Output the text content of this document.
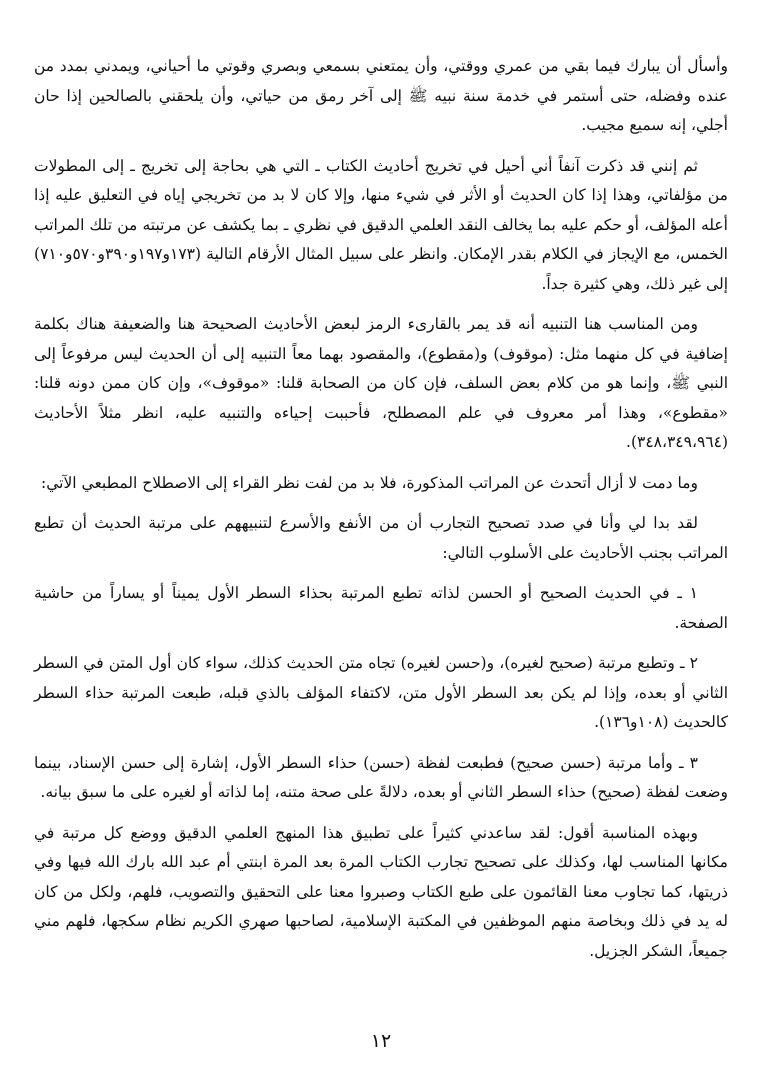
وأسأل أن يبارك فيما بقي من عمري ووقتي، وأن يمتعني بسمعي وبصري وقوتي ما أحياني، ويمدني بمدد من عنده وفضله، حتى أستمر في خدمة سنة نبيه ﷺ إلى آخر رمق من حياتي، وأن يلحقني بالصالحين إذا حان أجلي، إنه سميع مجيب.

ثم إنني قد ذكرت آنفاً أني أحيل في تخريج أحاديث الكتاب ـ التي هي بحاجة إلى تخريج ـ إلى المطولات من مؤلفاتي، وهذا إذا كان الحديث أو الأثر في شيء منها، وإلا كان لا بد من تخريجي إياه في التعليق عليه إذا أعله المؤلف، أو حكم عليه بما يخالف النقد العلمي الدقيق في نظري ـ بما يكشف عن مرتبته من تلك المراتب الخمس، مع الإيجاز في الكلام بقدر الإمكان. وانظر على سبيل المثال الأرقام التالية (١٧٣و١٩٧و٣٩٠و٥٧٠و٧١٠) إلى غير ذلك، وهي كثيرة جداً.

ومن المناسب هنا التنبيه أنه قد يمر بالقارىء الرمز لبعض الأحاديث الصحيحة هنا والضعيفة هناك بكلمة إضافية في كل منهما مثل: (موقوف) و(مقطوع)، والمقصود بهما معاً التنبيه إلى أن الحديث ليس مرفوعاً إلى النبي ﷺ، وإنما هو من كلام بعض السلف، فإن كان من الصحابة قلنا: «موقوف»، وإن كان ممن دونه قلنا: «مقطوع»، وهذا أمر معروف في علم المصطلح، فأحببت إحياءه والتنبيه عليه، انظر مثلاً الأحاديث (٣٤٨،٣٤٩،٩٦٤).

وما دمت لا أزال أتحدث عن المراتب المذكورة، فلا بد من لفت نظر القراء إلى الاصطلاح المطبعي الآتي:

لقد بدا لي وأنا في صدد تصحيح التجارب أن من الأنفع والأسرع لتنبيههم على مرتبة الحديث أن تطبع المراتب بجنب الأحاديث على الأسلوب التالي:

١ ـ في الحديث الصحيح أو الحسن لذاته تطبع المرتبة بحذاء السطر الأول يميناً أو يساراً من حاشية الصفحة.

٢ ـ وتطبع مرتبة (صحيح لغيره)، و(حسن لغيره) تجاه متن الحديث كذلك، سواء كان أول المتن في السطر الثاني أو بعده، وإذا لم يكن بعد السطر الأول متن، لاكتفاء المؤلف بالذي قبله، طبعت المرتبة حذاء السطر كالحديث (١٠٨و١٣٦).

٣ ـ وأما مرتبة (حسن صحيح) فطبعت لفظة (حسن) حذاء السطر الأول، إشارة إلى حسن الإسناد، بينما وضعت لفظة (صحيح) حذاء السطر الثاني أو بعده، دلالةً على صحة متنه، إما لذاته أو لغيره على ما سبق بيانه.

وبهذه المناسبة أقول: لقد ساعدني كثيراً على تطبيق هذا المنهج العلمي الدقيق ووضع كل مرتبة في مكانها المناسب لها، وكذلك على تصحيح تجارب الكتاب المرة بعد المرة ابنتي أم عبد الله بارك الله فيها وفي ذريتها، كما تجاوب معنا القائمون على طبع الكتاب وصبروا معنا على التحقيق والتصويب، فلهم، ولكل من كان له يد في ذلك وبخاصة منهم الموظفين في المكتبة الإسلامية، لصاحبها صهري الكريم نظام سكجها، فلهم مني جميعاً، الشكر الجزيل.

١٢
